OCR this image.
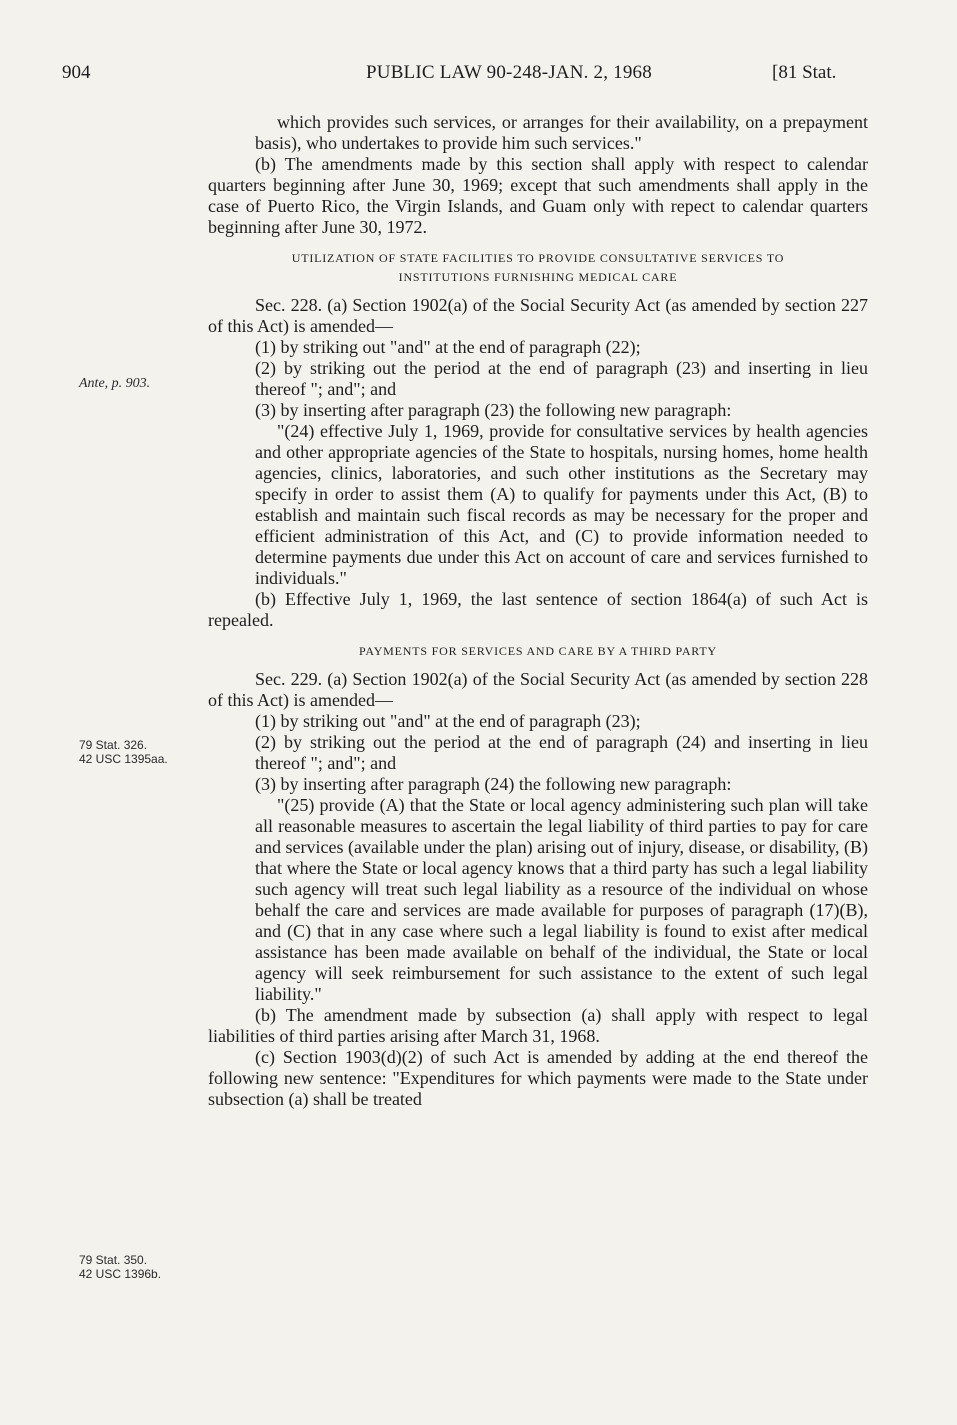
904	PUBLIC LAW 90-248-JAN. 2, 1968	[81 Stat.
Ante, p. 903.
79 Stat. 326.
42 USC 1395aa.
79 Stat. 350.
42 USC 1396b.

which provides such services, or arranges for their availability, on a prepayment basis), who undertakes to provide him such services."

(b) The amendments made by this section shall apply with respect to calendar quarters beginning after June 30, 1969; except that such amendments shall apply in the case of Puerto Rico, the Virgin Islands, and Guam only with repect to calendar quarters beginning after June 30, 1972.

UTILIZATION OF STATE FACILITIES TO PROVIDE CONSULTATIVE SERVICES TO
INSTITUTIONS FURNISHING MEDICAL CARE

Sec. 228. (a) Section 1902(a) of the Social Security Act (as amended by section 227 of this Act) is amended—

(1) by striking out "and" at the end of paragraph (22);

(2) by striking out the period at the end of paragraph (23) and inserting in lieu thereof "; and"; and

(3) by inserting after paragraph (23) the following new paragraph:

"(24) effective July 1, 1969, provide for consultative services by health agencies and other appropriate agencies of the State to hospitals, nursing homes, home health agencies, clinics, laboratories, and such other institutions as the Secretary may specify in order to assist them (A) to qualify for payments under this Act, (B) to establish and maintain such fiscal records as may be necessary for the proper and efficient administration of this Act, and (C) to provide information needed to determine payments due under this Act on account of care and services furnished to individuals."

(b) Effective July 1, 1969, the last sentence of section 1864(a) of such Act is repealed.

PAYMENTS FOR SERVICES AND CARE BY A THIRD PARTY

Sec. 229. (a) Section 1902(a) of the Social Security Act (as amended by section 228 of this Act) is amended—

(1) by striking out "and" at the end of paragraph (23);

(2) by striking out the period at the end of paragraph (24) and inserting in lieu thereof "; and"; and

(3) by inserting after paragraph (24) the following new paragraph:

"(25) provide (A) that the State or local agency administering such plan will take all reasonable measures to ascertain the legal liability of third parties to pay for care and services (available under the plan) arising out of injury, disease, or disability, (B) that where the State or local agency knows that a third party has such a legal liability such agency will treat such legal liability as a resource of the individual on whose behalf the care and services are made available for purposes of paragraph (17)(B), and (C) that in any case where such a legal liability is found to exist after medical assistance has been made available on behalf of the individual, the State or local agency will seek reimbursement for such assistance to the extent of such legal liability."

(b) The amendment made by subsection (a) shall apply with respect to legal liabilities of third parties arising after March 31, 1968.

(c) Section 1903(d)(2) of such Act is amended by adding at the end thereof the following new sentence: "Expenditures for which payments were made to the State under subsection (a) shall be treated
